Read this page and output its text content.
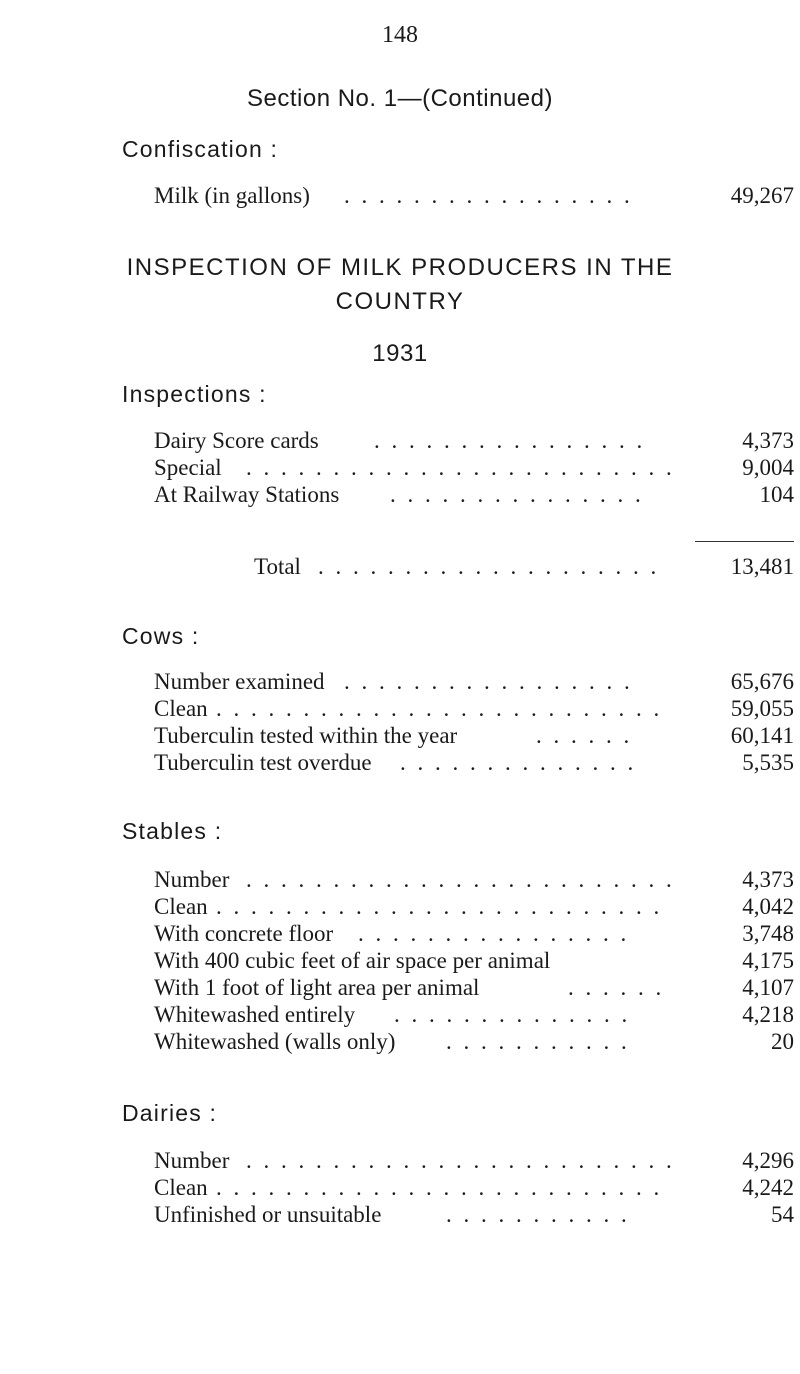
148
Section No. 1—(Continued)
Confiscation :
Milk (in gallons) . . . . . . . . . . . . . . . . .	49,267
INSPECTION OF MILK PRODUCERS IN THE
COUNTRY
1931
Inspections :
Dairy Score cards . . . . . . . . . . . . . . . .	4,373
Special . . . . . . . . . . . . . . . . . . . . . . . . .	9,004
At Railway Stations . . . . . . . . . . . . . . .	104
Total . . . . . . . . . . . . . . . . . . . .	13,481
Cows :
Number examined . . . . . . . . . . . . . . . . .	65,676
Clean . . . . . . . . . . . . . . . . . . . . . . . . . .	59,055
Tuberculin tested within the year	. . . . . .	60,141
Tuberculin test overdue . . . . . . . . . . . . . .	5,535
Stables :
Number . . . . . . . . . . . . . . . . . . . . . . . . .	4,373
Clean . . . . . . . . . . . . . . . . . . . . . . . . . .	4,042
With concrete floor . . . . . . . . . . . . . . . .	3,748
With 400 cubic feet of air space per animal	4,175
With 1 foot of light area per animal	. . . . . .	4,107
Whitewashed entirely . . . . . . . . . . . . . .	4,218
Whitewashed (walls only) . . . . . . . . . . .	20
Dairies :
Number . . . . . . . . . . . . . . . . . . . . . . . . .	4,296
Clean . . . . . . . . . . . . . . . . . . . . . . . . . .	4,242
Unfinished or unsuitable	. . . . . . . . . . .	54
